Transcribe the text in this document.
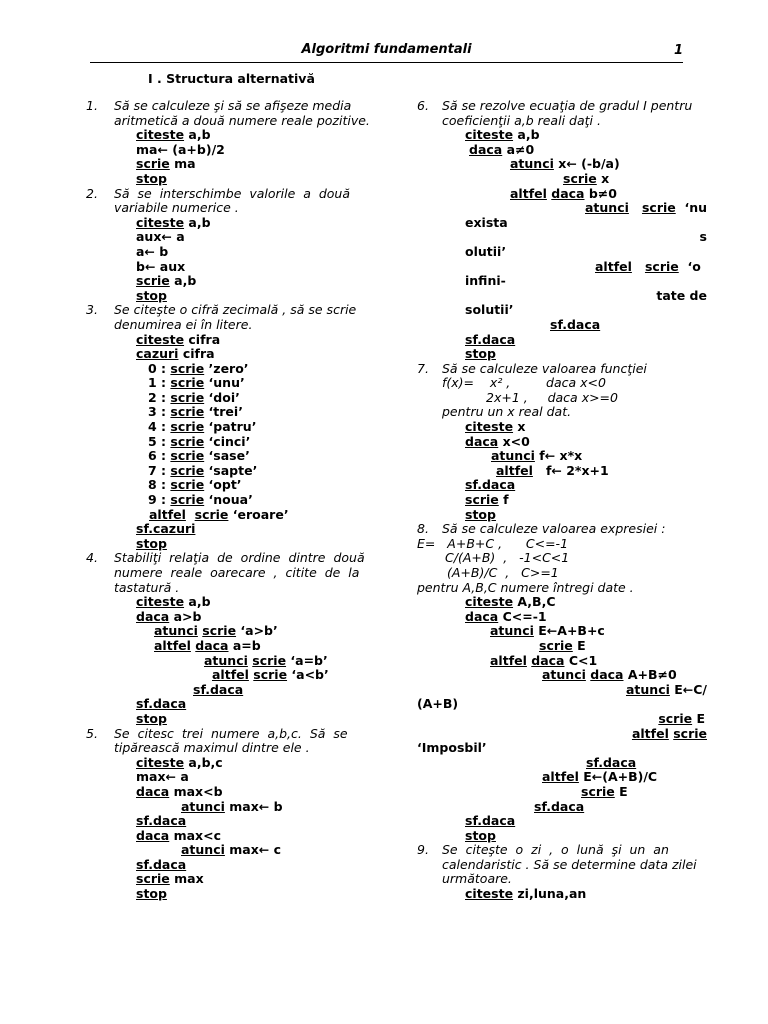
Algoritmi fundamentali	1
I . Structura alternativă
1. Să se calculeze şi să se afişeze media
aritmetică a două numere reale pozitive.
citeste a,b
ma← (a+b)/2
scrie ma
stop
2. Să  se  interschimbe  valorile  a  două
variabile numerice .
citeste a,b
aux← a
a← b
b← aux
scrie a,b
stop
3. Se citeşte o cifră zecimală , să se scrie
denumirea ei în litere.
citeste cifra
cazuri cifra
0 : scrie ’zero’
1 : scrie ‘unu’
2 : scrie ‘doi’
3 : scrie ‘trei’
4 : scrie ‘patru’
5 : scrie ‘cinci’
6 : scrie ‘sase’
7 : scrie ‘sapte’
8 : scrie ‘opt’
9 : scrie ‘noua’
altfel scrie ‘eroare’
sf.cazuri
stop
4. Stabiliţi  relaţia  de  ordine  dintre  două
numere  reale  oarecare  ,  citite  de  la
tastatură .
citeste a,b
daca a>b
atunci scrie ‘a>b’
altfel daca a=b
atunci scrie ‘a=b’
altfel scrie ‘a<b’
sf.daca
sf.daca
stop
5. Se  citesc  trei  numere  a,b,c.  Să  se
tipărească maximul dintre ele .
citeste a,b,c
max← a
daca max<b
atunci max← b
sf.daca
daca max<c
atunci max← c
sf.daca
scrie max
stop
6. Să se rezolve ecuaţia de gradul I pentru
coeficienţii a,b reali daţi .
citeste a,b
daca a≠0
atunci x← (-b/a)
scrie x
altfel daca b≠0
atunci scrie  ‘nu
exista
s
olutii’
altfel scrie  ‘o
infini-
tate de
solutii’
sf.daca
sf.daca
stop
7. Să se calculeze valoarea funcţiei
f(x)=    x² ,         daca x<0
2x+1 ,     daca x>=0
pentru un x real dat.
citeste x
daca x<0
atunci f← x*x
altfel   f← 2*x+1
sf.daca
scrie f
stop
8. Să se calculeze valoarea expresiei :
E=   A+B+C ,      C<=-1
C/(A+B)  ,   -1<C<1
(A+B)/C  ,   C>=1
pentru A,B,C numere întregi date .
citeste A,B,C
daca C<=-1
atunci E←A+B+c
scrie E
altfel daca C<1
atunci daca A+B≠0
atunci E←C/
(A+B)
scrie E
altfel scrie
‘Imposbil’
sf.daca
altfel E←(A+B)/C
scrie E
sf.daca
sf.daca
stop
9. Se  citeşte  o  zi  ,  o  lună  şi  un  an
calendaristic . Să se determine data zilei
următoare.
citeste zi,luna,an
